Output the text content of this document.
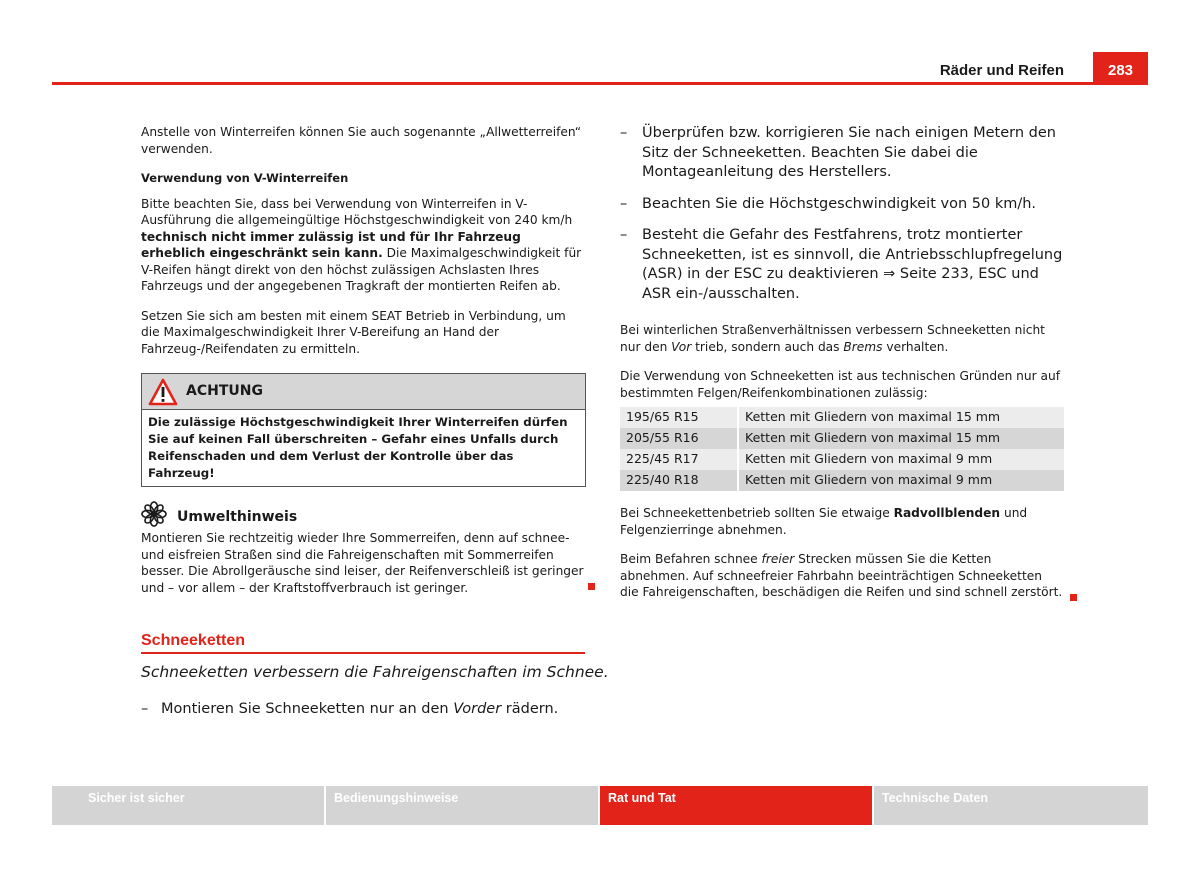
Räder und Reifen	283

Anstelle von Winterreifen können Sie auch sogenannte „Allwetterreifen“ verwenden.

Verwendung von V-Winterreifen

Bitte beachten Sie, dass bei Verwendung von Winterreifen in V-Ausführung die allgemeingültige Höchstgeschwindigkeit von 240 km/h technisch nicht immer zulässig ist und für Ihr Fahrzeug erheblich eingeschränkt sein kann. Die Maximalgeschwindigkeit für V-Reifen hängt direkt von den höchst zulässigen Achslasten Ihres Fahrzeugs und der angegebenen Tragkraft der montierten Reifen ab.

Setzen Sie sich am besten mit einem SEAT Betrieb in Verbindung, um die Maximalgeschwindigkeit Ihrer V-Bereifung an Hand der Fahrzeug-/Reifendaten zu ermitteln.

ACHTUNG
Die zulässige Höchstgeschwindigkeit Ihrer Winterreifen dürfen Sie auf keinen Fall überschreiten – Gefahr eines Unfalls durch Reifenschaden und dem Verlust der Kontrolle über das Fahrzeug!
Umwelthinweis
Montieren Sie rechtzeitig wieder Ihre Sommerreifen, denn auf schnee- und eisfreien Straßen sind die Fahreigenschaften mit Sommerreifen besser. Die Abrollgeräusche sind leiser, der Reifenverschleiß ist geringer und – vor allem – der Kraftstoffverbrauch ist geringer.
Schneeketten
Schneeketten verbessern die Fahreigenschaften im Schnee.
– Montieren Sie Schneeketten nur an den Vorder rädern.
–	Überprüfen bzw. korrigieren Sie nach einigen Metern den Sitz der Schneeketten. Beachten Sie dabei die Montageanleitung des Herstellers.
–	Beachten Sie die Höchstgeschwindigkeit von 50 km/h.
–	Besteht die Gefahr des Festfahrens, trotz montierter Schneeketten, ist es sinnvoll, die Antriebsschlupfregelung (ASR) in der ESC zu deaktivieren ⇒ Seite 233, ESC und ASR ein-/ausschalten.

Bei winterlichen Straßenverhältnissen verbessern Schneeketten nicht nur den Vor trieb, sondern auch das Brems verhalten.

Die Verwendung von Schneeketten ist aus technischen Gründen nur auf bestimmten Felgen/Reifenkombinationen zulässig:

195/65 R15	Ketten mit Gliedern von maximal 15 mm
205/55 R16	Ketten mit Gliedern von maximal 15 mm
225/45 R17	Ketten mit Gliedern von maximal 9 mm
225/40 R18	Ketten mit Gliedern von maximal 9 mm

Bei Schneekettenbetrieb sollten Sie etwaige Radvollblenden und Felgenzierringe abnehmen.

Beim Befahren schnee freier Strecken müssen Sie die Ketten abnehmen. Auf schneefreier Fahrbahn beeinträchtigen Schneeketten die Fahreigenschaften, beschädigen die Reifen und sind schnell zerstört.

Sicher ist sicher	Bedienungshinweise	Rat und Tat	Technische Daten
